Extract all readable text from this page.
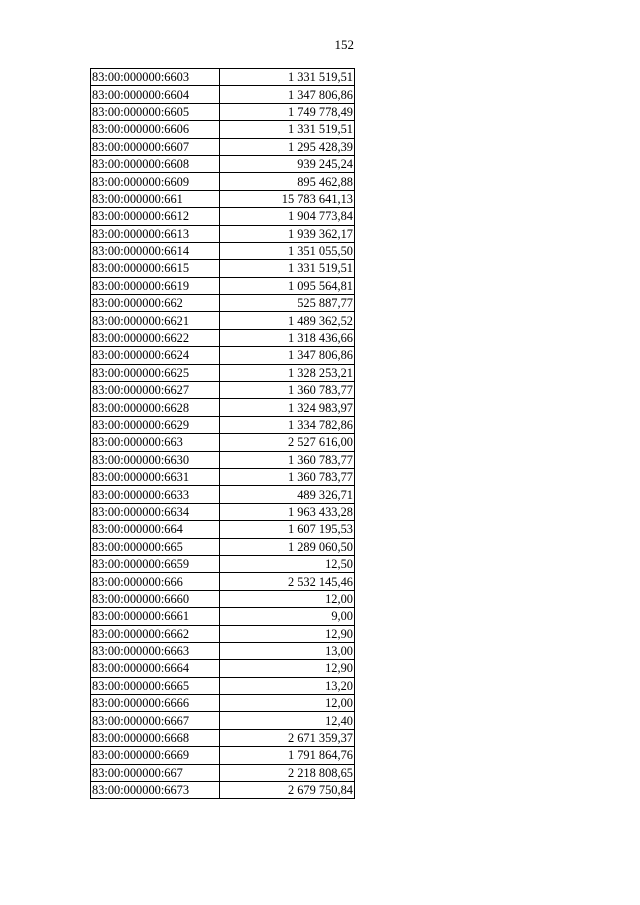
152
83:00:000000:6603	1 331 519,51
83:00:000000:6604	1 347 806,86
83:00:000000:6605	1 749 778,49
83:00:000000:6606	1 331 519,51
83:00:000000:6607	1 295 428,39
83:00:000000:6608	939 245,24
83:00:000000:6609	895 462,88
83:00:000000:661	15 783 641,13
83:00:000000:6612	1 904 773,84
83:00:000000:6613	1 939 362,17
83:00:000000:6614	1 351 055,50
83:00:000000:6615	1 331 519,51
83:00:000000:6619	1 095 564,81
83:00:000000:662	525 887,77
83:00:000000:6621	1 489 362,52
83:00:000000:6622	1 318 436,66
83:00:000000:6624	1 347 806,86
83:00:000000:6625	1 328 253,21
83:00:000000:6627	1 360 783,77
83:00:000000:6628	1 324 983,97
83:00:000000:6629	1 334 782,86
83:00:000000:663	2 527 616,00
83:00:000000:6630	1 360 783,77
83:00:000000:6631	1 360 783,77
83:00:000000:6633	489 326,71
83:00:000000:6634	1 963 433,28
83:00:000000:664	1 607 195,53
83:00:000000:665	1 289 060,50
83:00:000000:6659	12,50
83:00:000000:666	2 532 145,46
83:00:000000:6660	12,00
83:00:000000:6661	9,00
83:00:000000:6662	12,90
83:00:000000:6663	13,00
83:00:000000:6664	12,90
83:00:000000:6665	13,20
83:00:000000:6666	12,00
83:00:000000:6667	12,40
83:00:000000:6668	2 671 359,37
83:00:000000:6669	1 791 864,76
83:00:000000:667	2 218 808,65
83:00:000000:6673	2 679 750,84
